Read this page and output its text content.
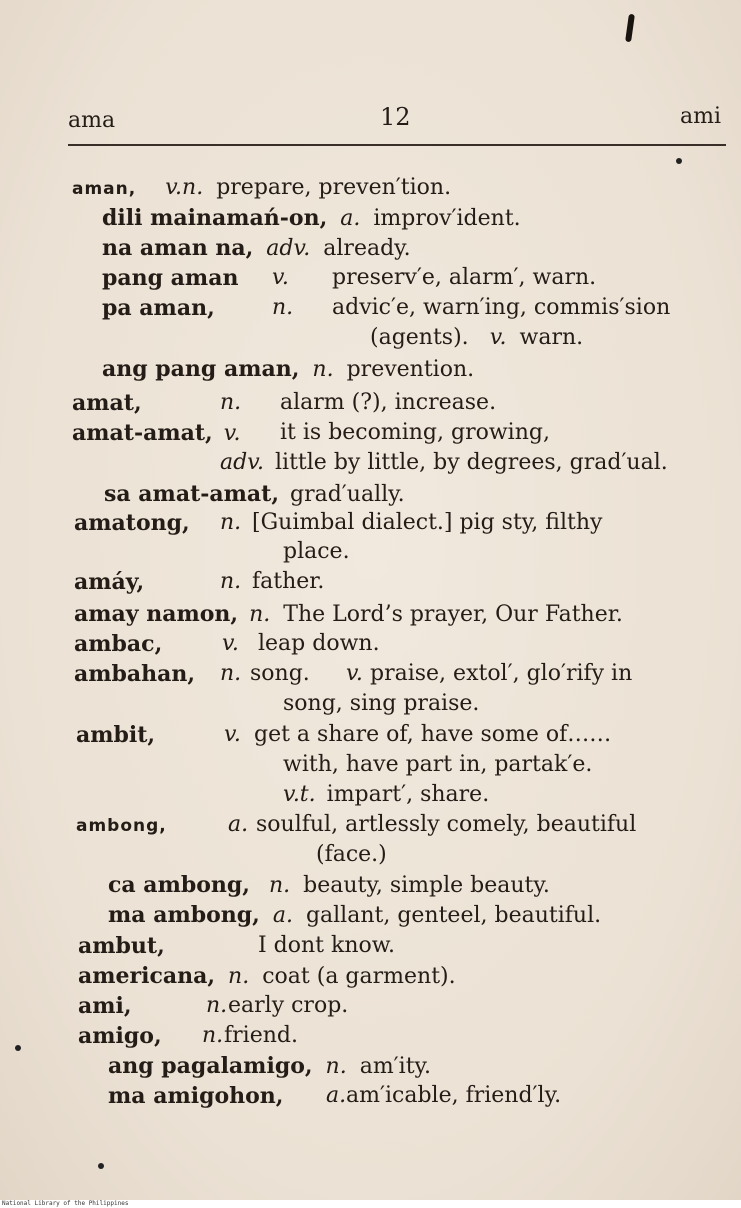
ama	12	ami
aman, v.n. prepare, preven′tion.
dili mainamań-on, a. improv′ident.
na aman na, adv. already.
pang aman v. preserv′e, alarm′, warn.
pa aman,	n. advic′e, warn′ing, commis′sion
(agents). v. warn.
ang pang aman, n. prevention.
amat,	n. alarm (?), increase.
amat-amat, v. it is becoming, growing,
adv. little by little, by degrees, grad′ual.
sa amat-amat, grad′ually.
amatong, n. [Guimbal dialect.] pig sty, filthy
place.
amáy,	n. father.
amay namon, n. The Lord’s prayer, Our Father.
ambac,	v. leap down.
ambahan, n. song. v. praise, extol′, glo′rify in
song, sing praise.
ambit,	v. get a share of, have some of……
with, have part in, partak′e.
v.t. impart′, share.
ambong,	a. soulful, artlessly comely, beautiful
(face.)
ca ambong, n. beauty, simple beauty.
ma ambong, a. gallant, genteel, beautiful.
ambut,	I dont know.
americana, n. coat (a garment).
ami,	n. early crop.
amigo, n. friend.
ang pagalamigo, n. am′ity.
ma amigohon, a. am′icable, friend′ly.
National Library of the Philippines
